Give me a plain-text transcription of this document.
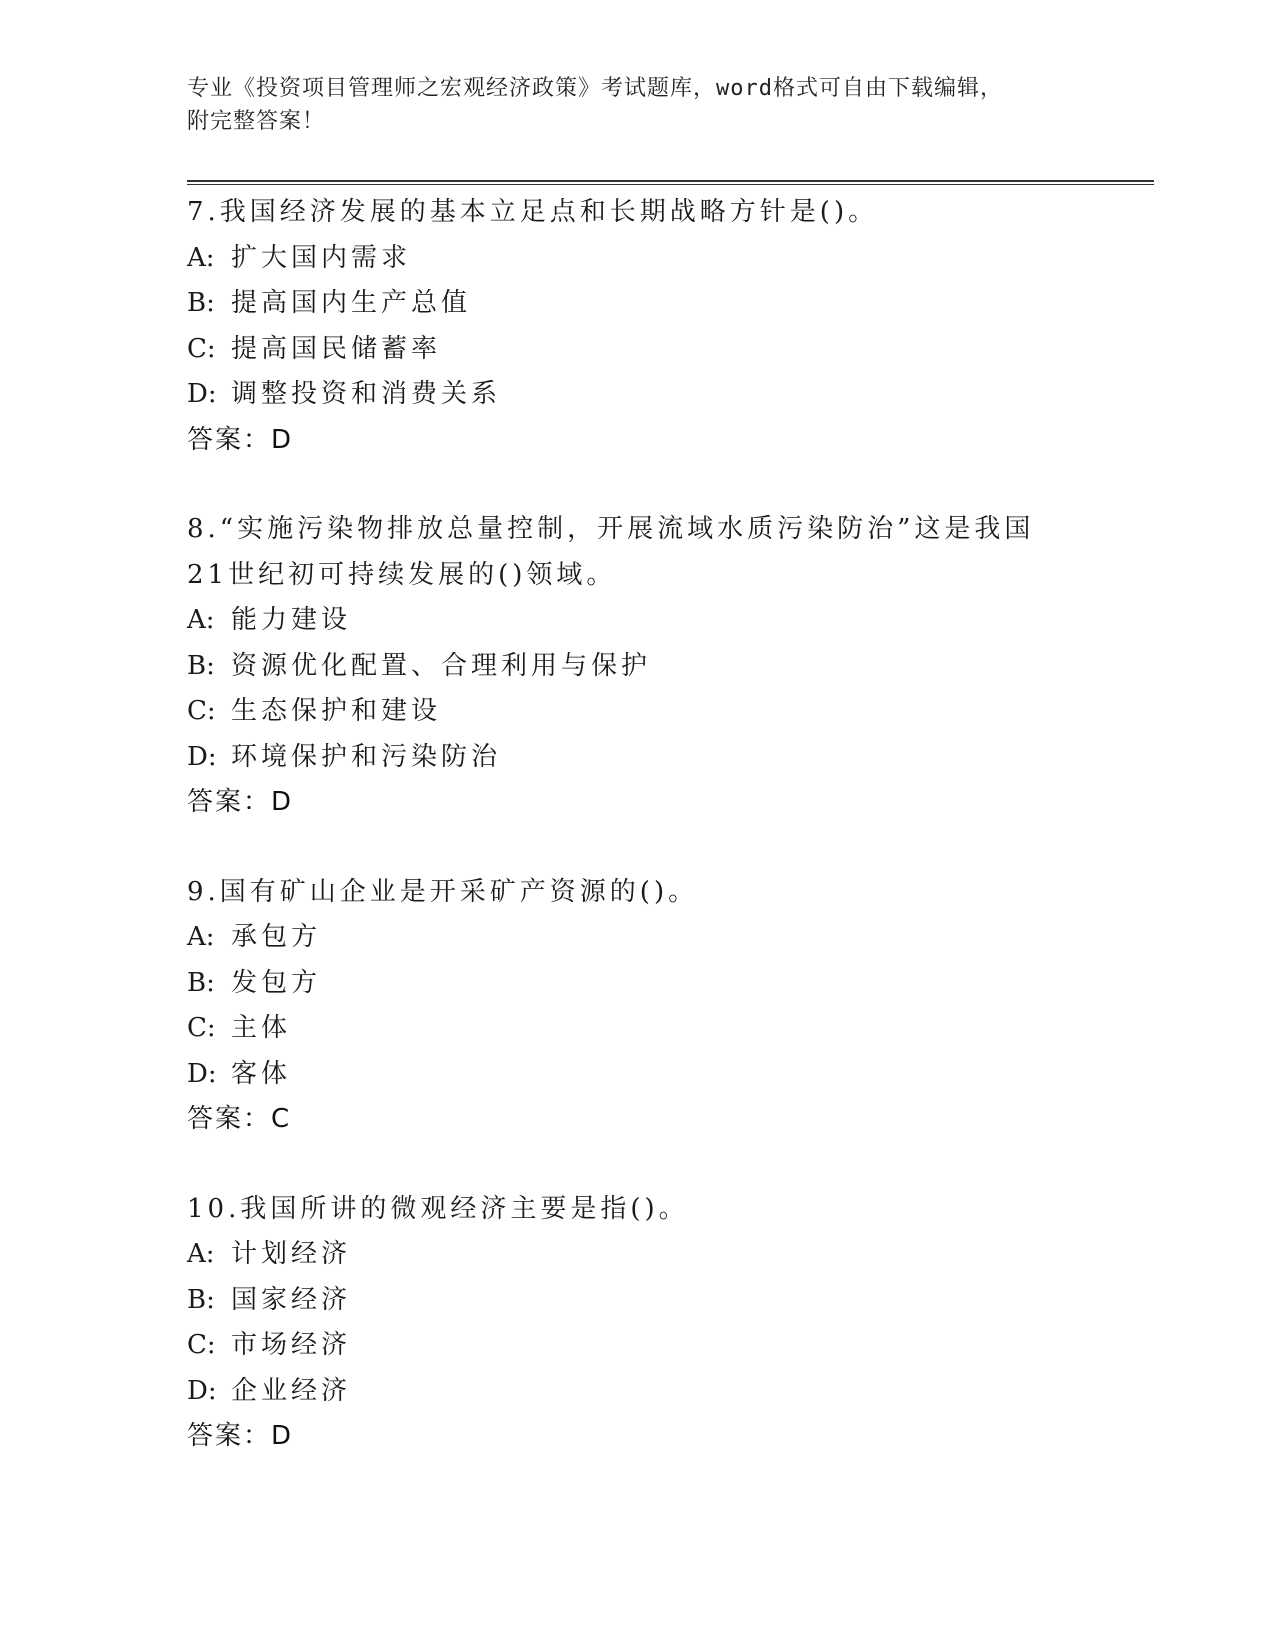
专业《投资项目管理师之宏观经济政策》考试题库，word格式可自由下载编辑，
附完整答案！
7.我国经济发展的基本立足点和长期战略方针是()。
A: 扩大国内需求
B: 提高国内生产总值
C: 提高国民储蓄率
D: 调整投资和消费关系
答案：D
8.“实施污染物排放总量控制，开展流域水质污染防治”这是我国21世纪初可持续发展的()领域。
A: 能力建设
B: 资源优化配置、合理利用与保护
C: 生态保护和建设
D: 环境保护和污染防治
答案：D
9.国有矿山企业是开采矿产资源的()。
A: 承包方
B: 发包方
C: 主体
D: 客体
答案：C
10.我国所讲的微观经济主要是指()。
A: 计划经济
B: 国家经济
C: 市场经济
D: 企业经济
答案：D
